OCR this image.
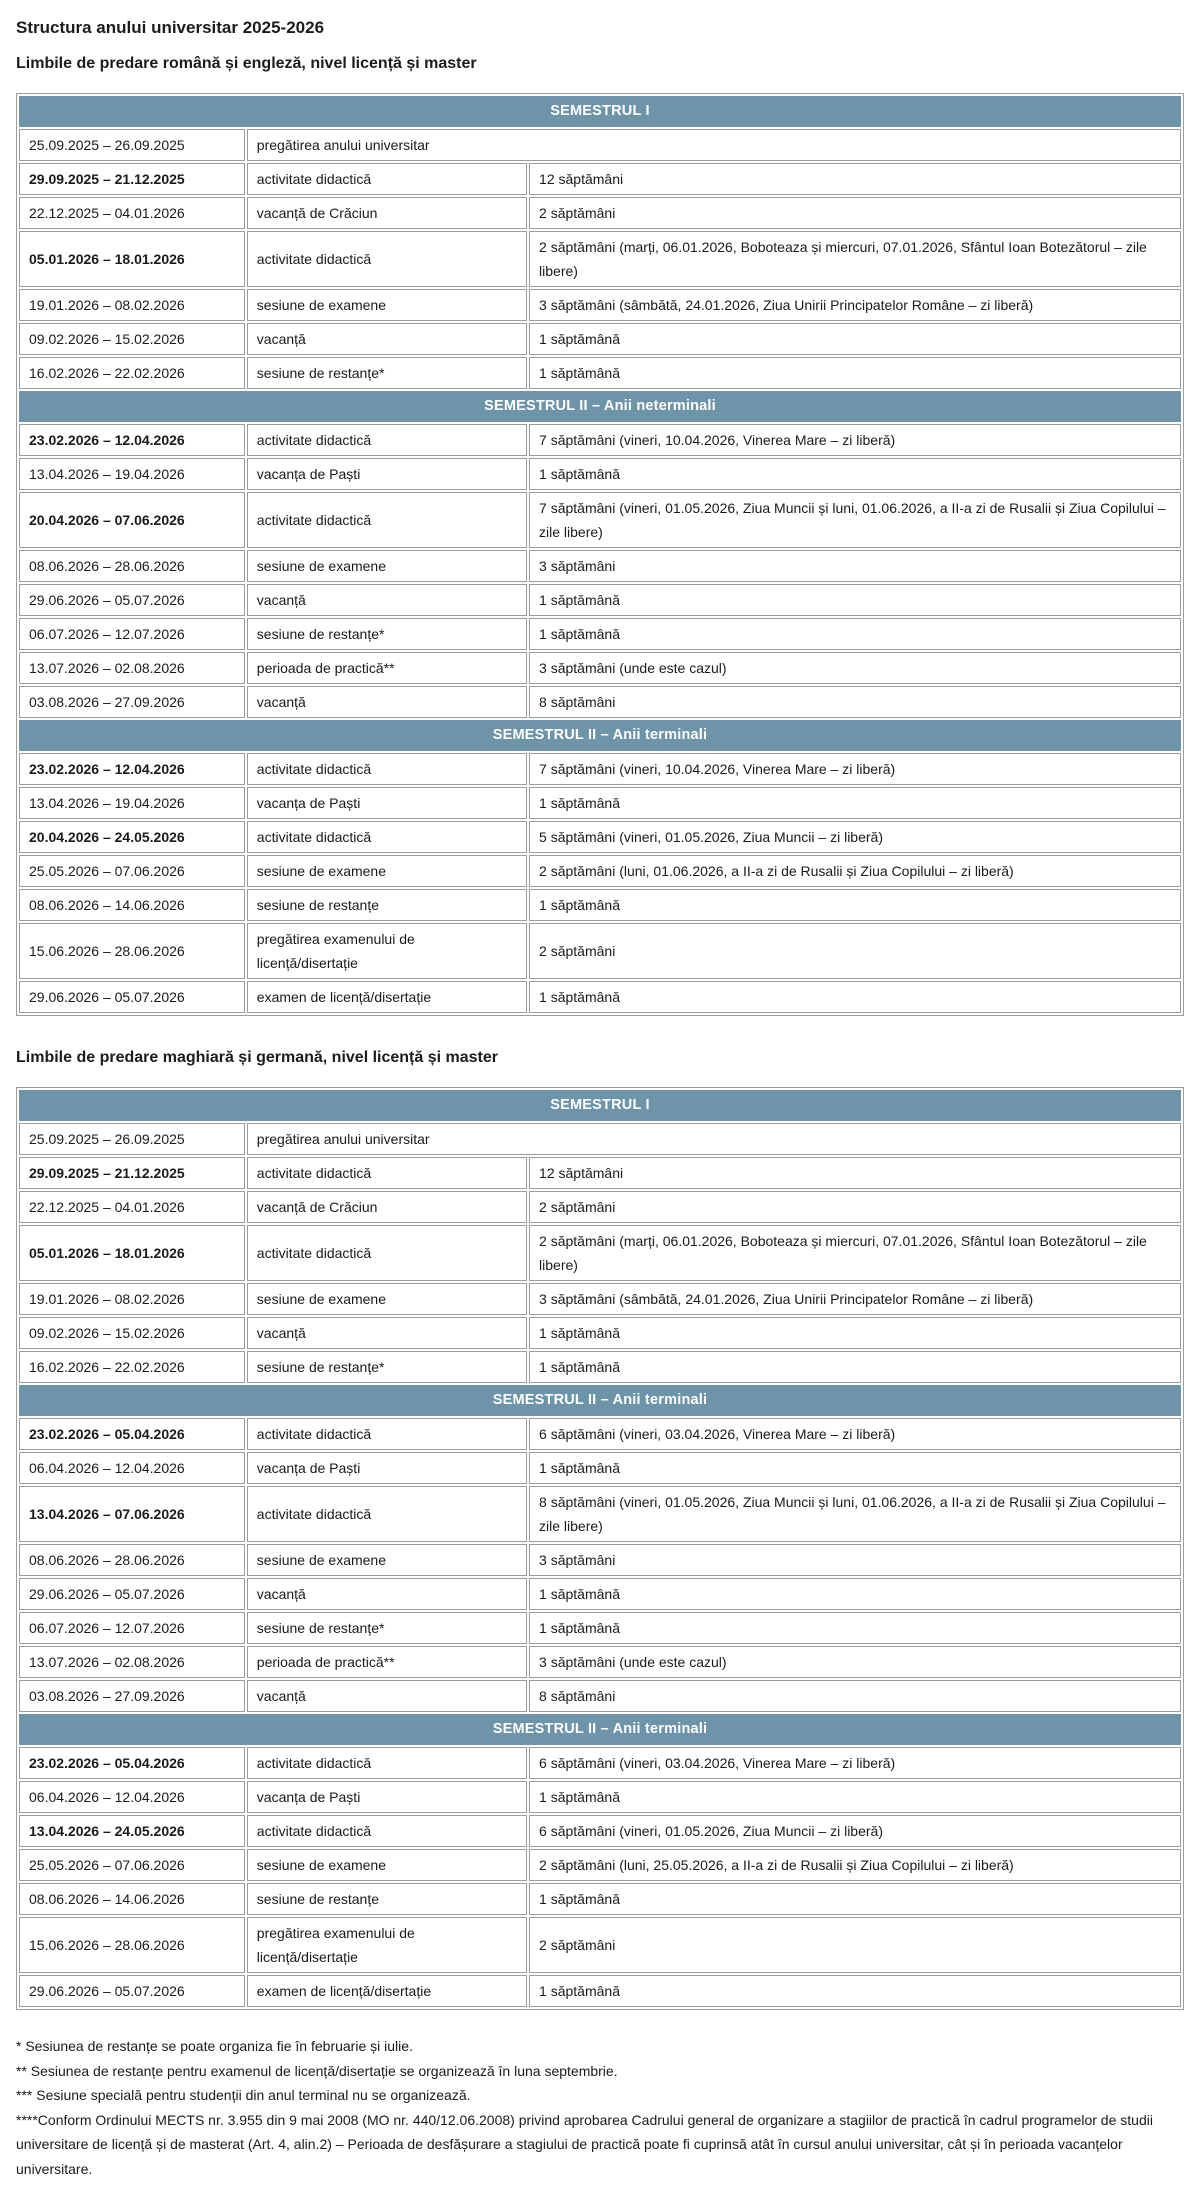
Structura anului universitar 2025-2026
Limbile de predare română și engleză, nivel licență și master
SEMESTRUL I		
25.09.2025 – 26.09.2025	pregătirea anului universitar	
29.09.2025 – 21.12.2025	activitate didactică	12 săptămâni
22.12.2025 – 04.01.2026	vacanță de Crăciun	2 săptămâni
05.01.2026 – 18.01.2026	activitate didactică	2 săptămâni (marți, 06.01.2026, Boboteaza și miercuri, 07.01.2026, Sfântul Ioan Botezătorul – zile libere)
19.01.2026 – 08.02.2026	sesiune de examene	3 săptămâni (sâmbătă, 24.01.2026, Ziua Unirii Principatelor Române – zi liberă)
09.02.2026 – 15.02.2026	vacanță	1 săptămână
16.02.2026 – 22.02.2026	sesiune de restanțe*	1 săptămână
SEMESTRUL II – Anii neterminali		
23.02.2026 – 12.04.2026	activitate didactică	7 săptămâni (vineri, 10.04.2026, Vinerea Mare – zi liberă)
13.04.2026 – 19.04.2026	vacanța de Paști	1 săptămână
20.04.2026 – 07.06.2026	activitate didactică	7 săptămâni (vineri, 01.05.2026, Ziua Muncii și luni, 01.06.2026, a II-a zi de Rusalii și Ziua Copilului – zile libere)
08.06.2026 – 28.06.2026	sesiune de examene	3 săptămâni
29.06.2026 – 05.07.2026	vacanță	1 săptămână
06.07.2026 – 12.07.2026	sesiune de restanțe*	1 săptămână
13.07.2026 – 02.08.2026	perioada de practică**	3 săptămâni (unde este cazul)
03.08.2026 – 27.09.2026	vacanță	8 săptămâni
SEMESTRUL II – Anii terminali		
23.02.2026 – 12.04.2026	activitate didactică	7 săptămâni (vineri, 10.04.2026, Vinerea Mare – zi liberă)
13.04.2026 – 19.04.2026	vacanța de Paști	1 săptămână
20.04.2026 – 24.05.2026	activitate didactică	5 săptămâni (vineri, 01.05.2026, Ziua Muncii – zi liberă)
25.05.2026 – 07.06.2026	sesiune de examene	2 săptămâni (luni, 01.06.2026, a II-a zi de Rusalii și Ziua Copilului – zi liberă)
08.06.2026 – 14.06.2026	sesiune de restanțe	1 săptămână
15.06.2026 – 28.06.2026	pregătirea examenului de licență/disertație	2 săptămâni
29.06.2026 – 05.07.2026	examen de licență/disertație	1 săptămână
Limbile de predare maghiară și germană, nivel licență și master
SEMESTRUL I		
25.09.2025 – 26.09.2025	pregătirea anului universitar	
29.09.2025 – 21.12.2025	activitate didactică	12 săptămâni
22.12.2025 – 04.01.2026	vacanță de Crăciun	2 săptămâni
05.01.2026 – 18.01.2026	activitate didactică	2 săptămâni (marți, 06.01.2026, Boboteaza și miercuri, 07.01.2026, Sfântul Ioan Botezătorul – zile libere)
19.01.2026 – 08.02.2026	sesiune de examene	3 săptămâni (sâmbătă, 24.01.2026, Ziua Unirii Principatelor Române – zi liberă)
09.02.2026 – 15.02.2026	vacanță	1 săptămână
16.02.2026 – 22.02.2026	sesiune de restanțe*	1 săptămână
SEMESTRUL II – Anii terminali		
23.02.2026 – 05.04.2026	activitate didactică	6 săptămâni (vineri, 03.04.2026, Vinerea Mare – zi liberă)
06.04.2026 – 12.04.2026	vacanța de Paști	1 săptămână
13.04.2026 – 07.06.2026	activitate didactică	8 săptămâni (vineri, 01.05.2026, Ziua Muncii și luni, 01.06.2026, a II-a zi de Rusalii și Ziua Copilului – zile libere)
08.06.2026 – 28.06.2026	sesiune de examene	3 săptămâni
29.06.2026 – 05.07.2026	vacanță	1 săptămână
06.07.2026 – 12.07.2026	sesiune de restanțe*	1 săptămână
13.07.2026 – 02.08.2026	perioada de practică**	3 săptămâni (unde este cazul)
03.08.2026 – 27.09.2026	vacanță	8 săptămâni
SEMESTRUL II – Anii terminali		
23.02.2026 – 05.04.2026	activitate didactică	6 săptămâni (vineri, 03.04.2026, Vinerea Mare – zi liberă)
06.04.2026 – 12.04.2026	vacanța de Paști	1 săptămână
13.04.2026 – 24.05.2026	activitate didactică	6 săptămâni (vineri, 01.05.2026, Ziua Muncii – zi liberă)
25.05.2026 – 07.06.2026	sesiune de examene	2 săptămâni (luni, 25.05.2026, a II-a zi de Rusalii și Ziua Copilului – zi liberă)
08.06.2026 – 14.06.2026	sesiune de restanțe	1 săptămână
15.06.2026 – 28.06.2026	pregătirea examenului de licență/disertație	2 săptămâni
29.06.2026 – 05.07.2026	examen de licență/disertație	1 săptămână

* Sesiunea de restanțe se poate organiza fie în februarie și iulie.

** Sesiunea de restanțe pentru examenul de licență/disertație se organizează în luna septembrie.

*** Sesiune specială pentru studenții din anul terminal nu se organizează.

****Conform Ordinului MECTS nr. 3.955 din 9 mai 2008 (MO nr. 440/12.06.2008) privind aprobarea Cadrului general de organizare a stagiilor de practică în cadrul programelor de studii universitare de licență și de masterat (Art. 4, alin.2) – Perioada de desfășurare a stagiului de practică poate fi cuprinsă atât în cursul anului universitar, cât și în perioada vacanțelor universitare.
